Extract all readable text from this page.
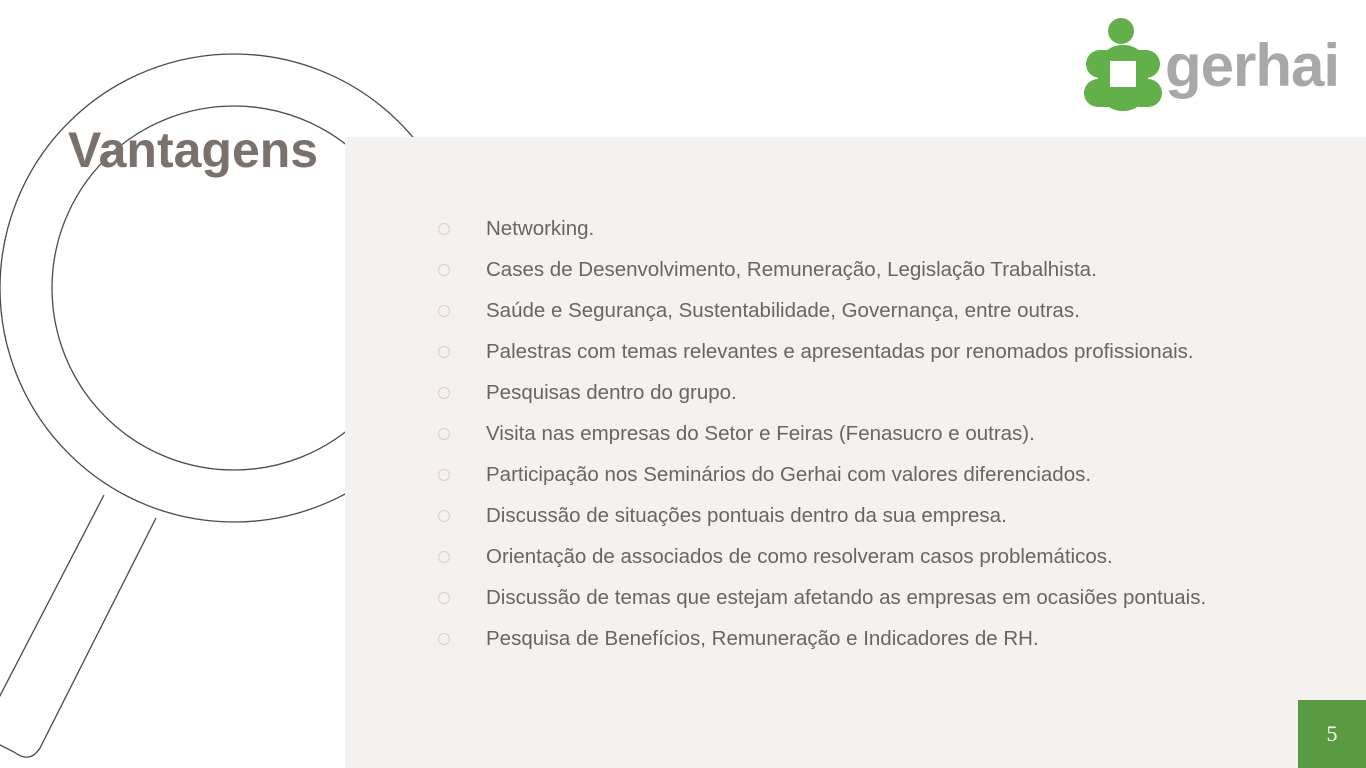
Vantagens
gerhai
Networking.
Cases de Desenvolvimento, Remuneração, Legislação Trabalhista.
Saúde e Segurança, Sustentabilidade, Governança, entre outras.
Palestras com temas relevantes e apresentadas por renomados profissionais.
Pesquisas dentro do grupo.
Visita nas empresas do Setor e Feiras (Fenasucro e outras).
Participação nos Seminários do Gerhai com valores diferenciados.
Discussão de situações pontuais dentro da sua empresa.
Orientação de associados de como resolveram casos problemáticos.
Discussão de temas que estejam afetando as empresas em ocasiões pontuais.
Pesquisa de Benefícios, Remuneração e Indicadores de RH.
5
